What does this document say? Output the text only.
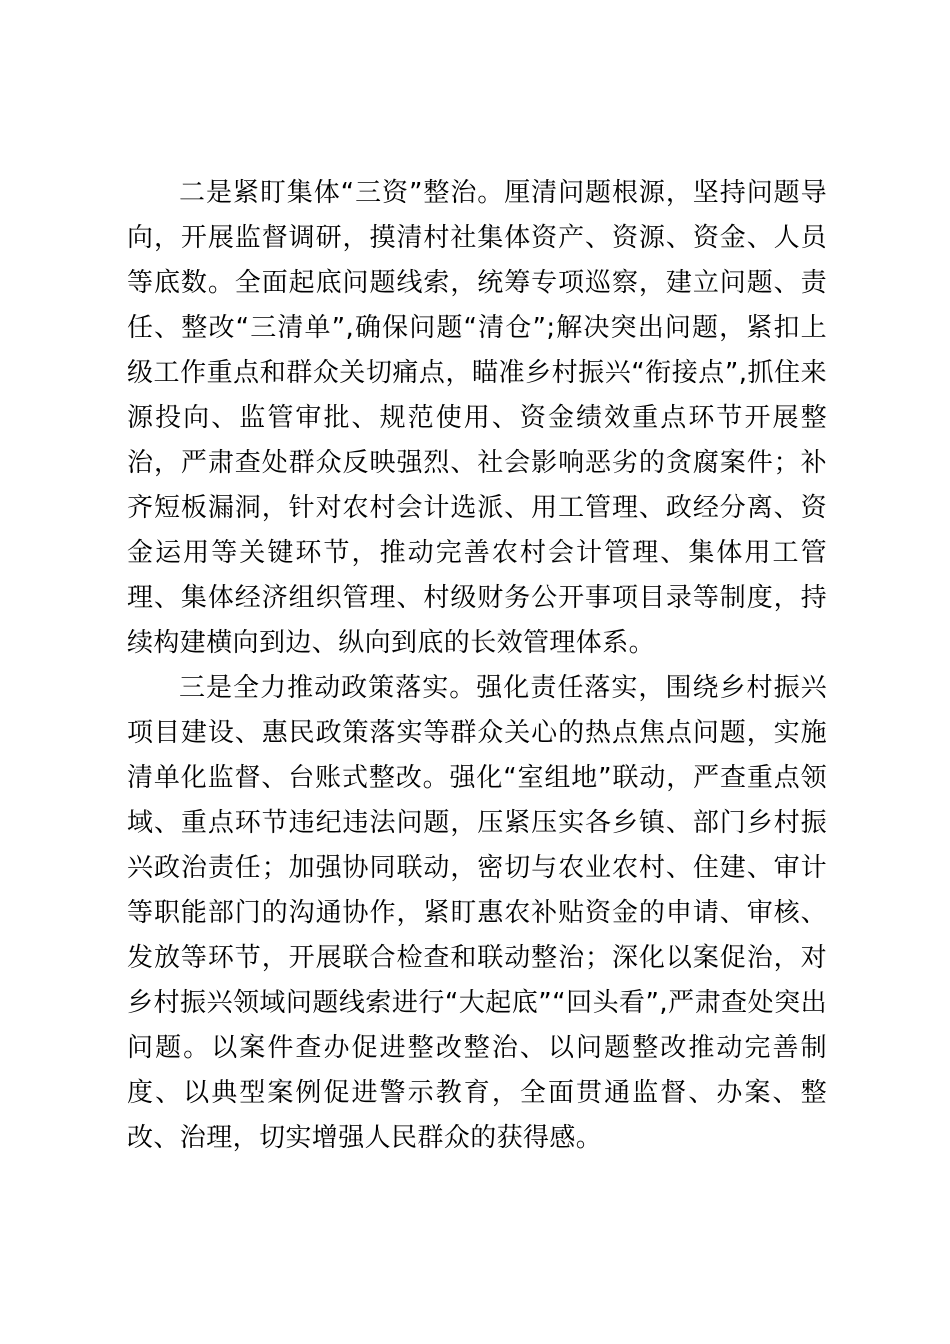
二是紧盯集体“三资”整治。厘清问题根源，坚持问题导向，开展监督调研，摸清村社集体资产、资源、资金、人员等底数。全面起底问题线索，统筹专项巡察，建立问题、责任、整改“三清单”,确保问题“清仓”;解决突出问题，紧扣上级工作重点和群众关切痛点，瞄准乡村振兴“衔接点”,抓住来源投向、监管审批、规范使用、资金绩效重点环节开展整治，严肃查处群众反映强烈、社会影响恶劣的贪腐案件；补齐短板漏洞，针对农村会计选派、用工管理、政经分离、资金运用等关键环节，推动完善农村会计管理、集体用工管理、集体经济组织管理、村级财务公开事项目录等制度，持续构建横向到边、纵向到底的长效管理体系。

三是全力推动政策落实。强化责任落实，围绕乡村振兴项目建设、惠民政策落实等群众关心的热点焦点问题，实施清单化监督、台账式整改。强化“室组地”联动，严查重点领域、重点环节违纪违法问题，压紧压实各乡镇、部门乡村振兴政治责任；加强协同联动，密切与农业农村、住建、审计等职能部门的沟通协作，紧盯惠农补贴资金的申请、审核、发放等环节，开展联合检查和联动整治；深化以案促治，对乡村振兴领域问题线索进行“大起底”“回头看”,严肃查处突出问题。以案件查办促进整改整治、以问题整改推动完善制度、以典型案例促进警示教育，全面贯通监督、办案、整改、治理，切实增强人民群众的获得感。
